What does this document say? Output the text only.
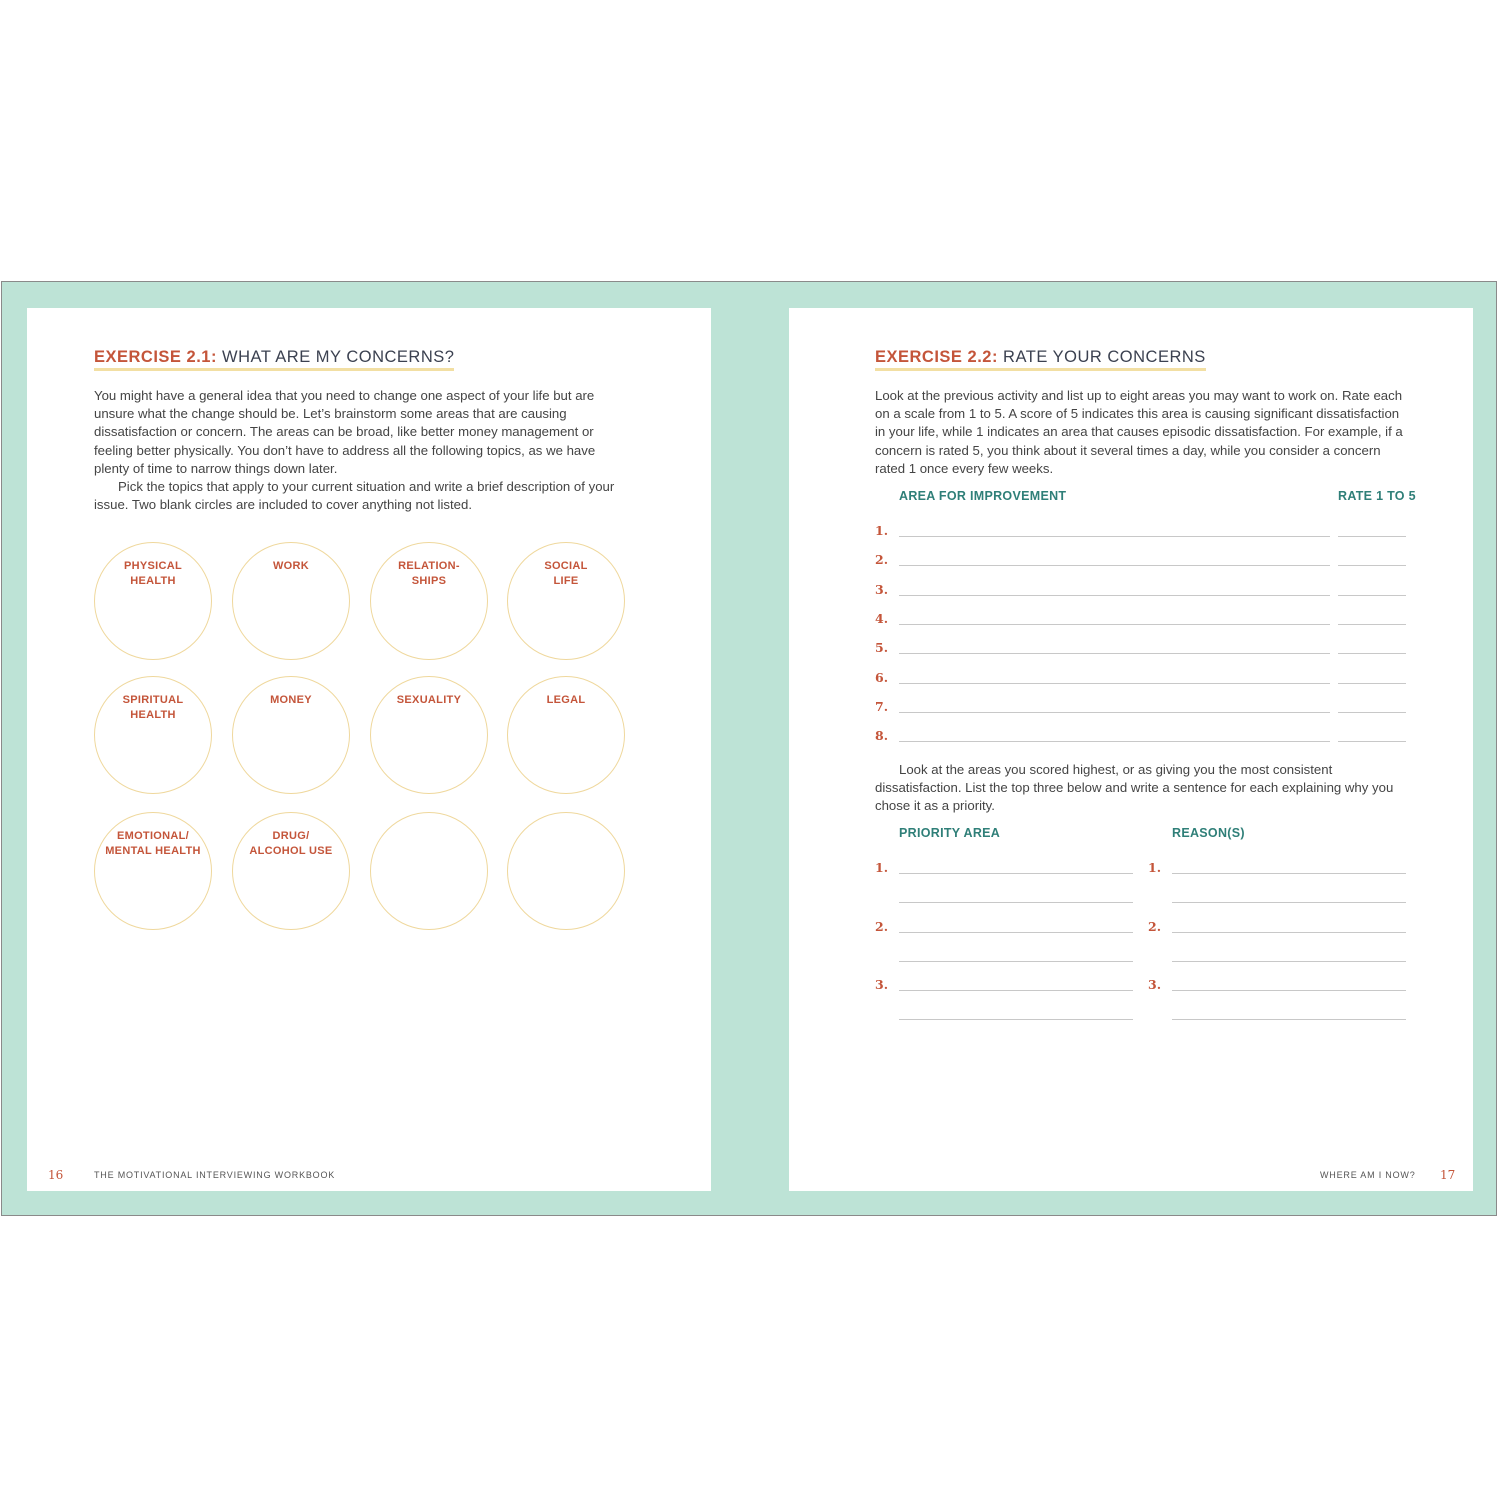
EXERCISE 2.1: WHAT ARE MY CONCERNS?

You might have a general idea that you need to change one aspect of your life but are unsure what the change should be. Let’s brainstorm some areas that are causing dissatisfaction or concern. The areas can be broad, like better money management or feeling better physically. You don’t have to address all the following topics, as we have plenty of time to narrow things down later.

Pick the topics that apply to your current situation and write a brief description of your issue. Two blank circles are included to cover anything not listed.

PHYSICAL
HEALTH
WORK	RELATION-
SHIPS
SOCIAL
LIFE
SPIRITUAL
HEALTH
MONEY	SEXUALITY	LEGAL
EMOTIONAL/
MENTAL HEALTH
DRUG/
ALCOHOL USE
16	THE MOTIVATIONAL INTERVIEWING WORKBOOK
EXERCISE 2.2: RATE YOUR CONCERNS

Look at the previous activity and list up to eight areas you may want to work on. Rate each on a scale from 1 to 5. A score of 5 indicates this area is causing significant dissatisfaction in your life, while 1 indicates an area that causes episodic dissatisfaction. For example, if a concern is rated 5, you think about it several times a day, while you consider a concern rated 1 once every few weeks.

AREA FOR IMPROVEMENT	RATE 1 TO 5
1.
2.
3.
4.
5.
6.
7.
8.

Look at the areas you scored highest, or as giving you the most consistent dissatisfaction. List the top three below and write a sentence for each explaining why you chose it as a priority.

PRIORITY AREA	REASON(S)
1.	1.
2.	2.
3.	3.
WHERE AM I NOW? 17
